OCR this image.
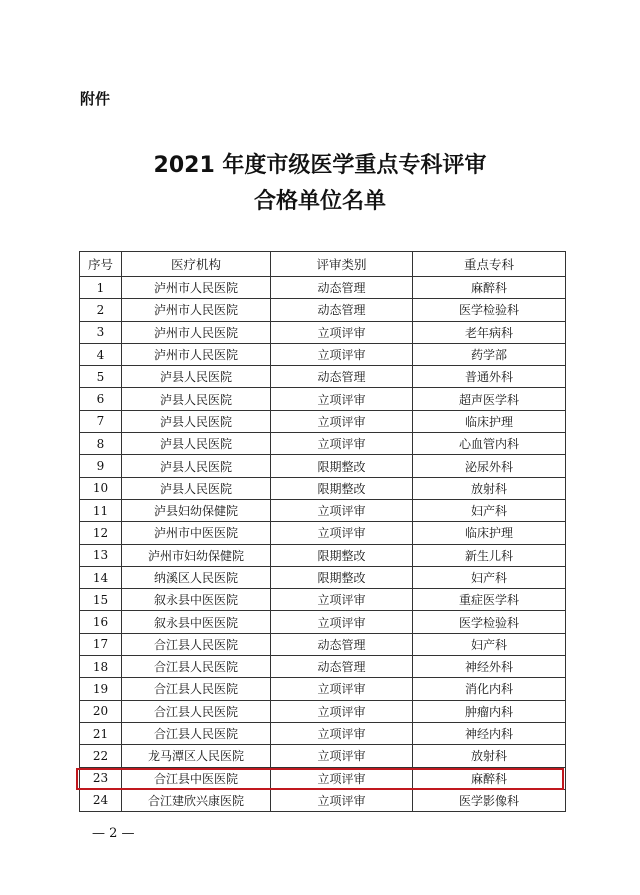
附件
2021 年度市级医学重点专科评审
合格单位名单
序号	医疗机构	评审类别	重点专科
1	泸州市人民医院	动态管理	麻醉科
2	泸州市人民医院	动态管理	医学检验科
3	泸州市人民医院	立项评审	老年病科
4	泸州市人民医院	立项评审	药学部
5	泸县人民医院	动态管理	普通外科
6	泸县人民医院	立项评审	超声医学科
7	泸县人民医院	立项评审	临床护理
8	泸县人民医院	立项评审	心血管内科
9	泸县人民医院	限期整改	泌尿外科
10	泸县人民医院	限期整改	放射科
11	泸县妇幼保健院	立项评审	妇产科
12	泸州市中医医院	立项评审	临床护理
13	泸州市妇幼保健院	限期整改	新生儿科
14	纳溪区人民医院	限期整改	妇产科
15	叙永县中医医院	立项评审	重症医学科
16	叙永县中医医院	立项评审	医学检验科
17	合江县人民医院	动态管理	妇产科
18	合江县人民医院	动态管理	神经外科
19	合江县人民医院	立项评审	消化内科
20	合江县人民医院	立项评审	肿瘤内科
21	合江县人民医院	立项评审	神经内科
22	龙马潭区人民医院	立项评审	放射科
23	合江县中医医院	立项评审	麻醉科
24	合江建欣兴康医院	立项评审	医学影像科
— 2 —
